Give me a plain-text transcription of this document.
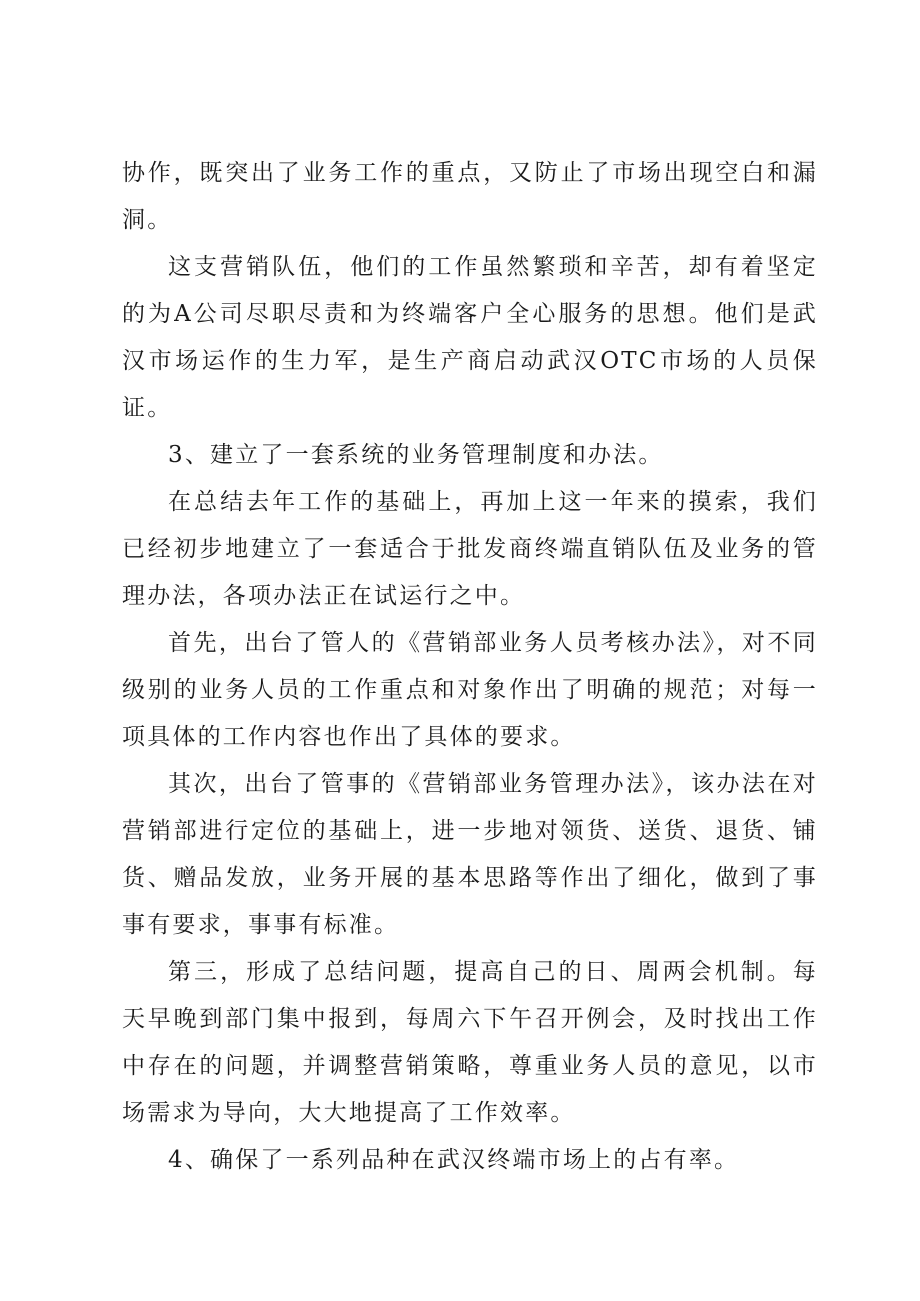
协作，既突出了业务工作的重点，又防止了市场出现空白和漏洞。

这支营销队伍，他们的工作虽然繁琐和辛苦，却有着坚定的为A公司尽职尽责和为终端客户全心服务的思想。他们是武汉市场运作的生力军，是生产商启动武汉OTC市场的人员保证。

3、建立了一套系统的业务管理制度和办法。

在总结去年工作的基础上，再加上这一年来的摸索，我们已经初步地建立了一套适合于批发商终端直销队伍及业务的管理办法，各项办法正在试运行之中。

首先，出台了管人的《营销部业务人员考核办法》，对不同级别的业务人员的工作重点和对象作出了明确的规范；对每一项具体的工作内容也作出了具体的要求。

其次，出台了管事的《营销部业务管理办法》，该办法在对营销部进行定位的基础上，进一步地对领货、送货、退货、铺货、赠品发放，业务开展的基本思路等作出了细化，做到了事事有要求，事事有标准。

第三，形成了总结问题，提高自己的日、周两会机制。每天早晚到部门集中报到，每周六下午召开例会，及时找出工作中存在的问题，并调整营销策略，尊重业务人员的意见，以市场需求为导向，大大地提高了工作效率。

4、确保了一系列品种在武汉终端市场上的占有率。
